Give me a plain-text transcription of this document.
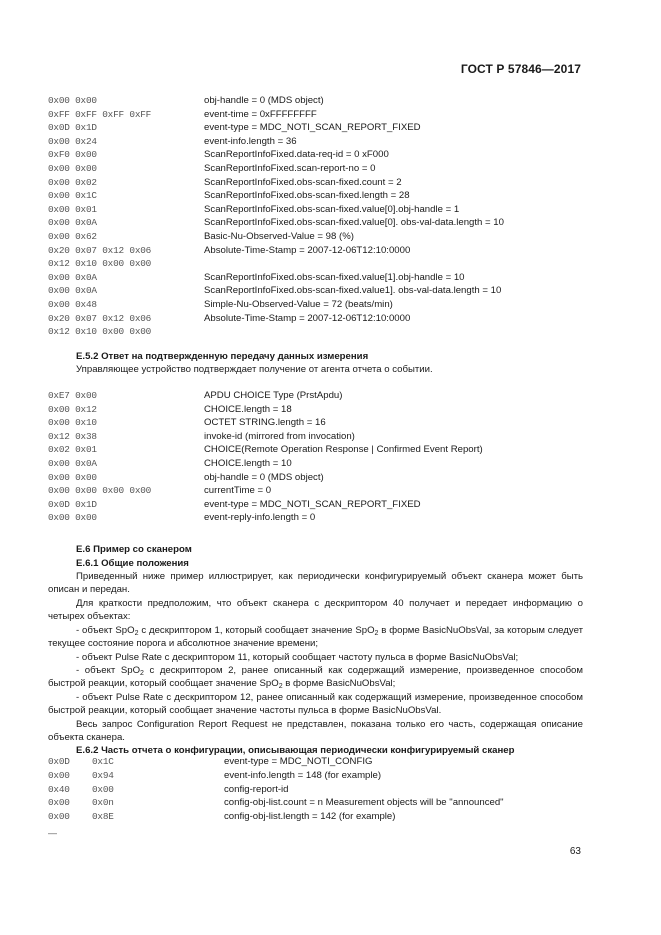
ГОСТ Р 57846—2017
0x00 0x00	obj-handle = 0 (MDS object)
0xFF 0xFF 0xFF 0xFF	event-time = 0xFFFFFFFF
0x0D 0x1D	event-type = MDC_NOTI_SCAN_REPORT_FIXED
0x00 0x24	event-info.length = 36
0xF0 0x00	ScanReportInfoFixed.data-req-id = 0 xF000
0x00 0x00	ScanReportInfoFixed.scan-report-no = 0
0x00 0x02	ScanReportInfoFixed.obs-scan-fixed.count = 2
0x00 0x1C	ScanReportInfoFixed.obs-scan-fixed.length = 28
0x00 0x01	ScanReportInfoFixed.obs-scan-fixed.value[0].obj-handle = 1
0x00 0x0A	ScanReportInfoFixed.obs-scan-fixed.value[0]. obs-val-data.length = 10
0x00 0x62	Basic-Nu-Observed-Value = 98 (%)
0x20 0x07 0x12 0x06	Absolute-Time-Stamp = 2007-12-06T12:10:0000
0x12 0x10 0x00 0x00
0x00 0x0A	ScanReportInfoFixed.obs-scan-fixed.value[1].obj-handle = 10
0x00 0x0A	ScanReportInfoFixed.obs-scan-fixed.value1]. obs-val-data.length = 10
0x00 0x48	Simple-Nu-Observed-Value = 72 (beats/min)
0x20 0x07 0x12 0x06	Absolute-Time-Stamp = 2007-12-06T12:10:0000
0x12 0x10 0x00 0x00
E.5.2 Ответ на подтвержденную передачу данных измерения
Управляющее устройство подтверждает получение от агента отчета о событии.
0xE7 0x00	APDU CHOICE Type (PrstApdu)
0x00 0x12	CHOICE.length = 18
0x00 0x10	OCTET STRING.length = 16
0x12 0x38	invoke-id (mirrored from invocation)
0x02 0x01	CHOICE(Remote Operation Response | Confirmed Event Report)
0x00 0x0A	CHOICE.length = 10
0x00 0x00	obj-handle = 0 (MDS object)
0x00 0x00 0x00 0x00	currentTime = 0
0x0D 0x1D	event-type = MDC_NOTI_SCAN_REPORT_FIXED
0x00 0x00	event-reply-info.length = 0
E.6 Пример со сканером
E.6.1 Общие положения
Приведенный ниже пример иллюстрирует, как периодически конфигурируемый объект сканера может быть описан и передан.
Для краткости предположим, что объект сканера с дескриптором 40 получает и передает информацию о четырех объектах:
- объект SpO$_2$ с дескриптором 1, который сообщает значение SpO$_2$ в форме BasicNuObsVal, за которым следует текущее состояние порога и абсолютное значение времени;
- объект Pulse Rate с дескриптором 11, который сообщает частоту пульса в форме BasicNuObsVal;
- объект SpO$_2$ с дескриптором 2, ранее описанный как содержащий измерение, произведенное способом быстрой реакции, который сообщает значение SpO$_2$ в форме BasicNuObsVal;
- объект Pulse Rate с дескриптором 12, ранее описанный как содержащий измерение, произведенное способом быстрой реакции, который сообщает значение частоты пульса в форме BasicNuObsVal.
Весь запрос Configuration Report Request не представлен, показана только его часть, содержащая описание объекта сканера.
E.6.2 Часть отчета о конфигурации, описывающая периодически конфигурируемый сканер
0x0D 0x1C	event-type = MDC_NOTI_CONFIG
0x00 0x94	event-info.length = 148 (for example)
0x40 0x00	config-report-id
0x00 0x0n	config-obj-list.count = n Measurement objects will be "announced"
0x00 0x8E	config-obj-list.length = 142 (for example)
—
63
